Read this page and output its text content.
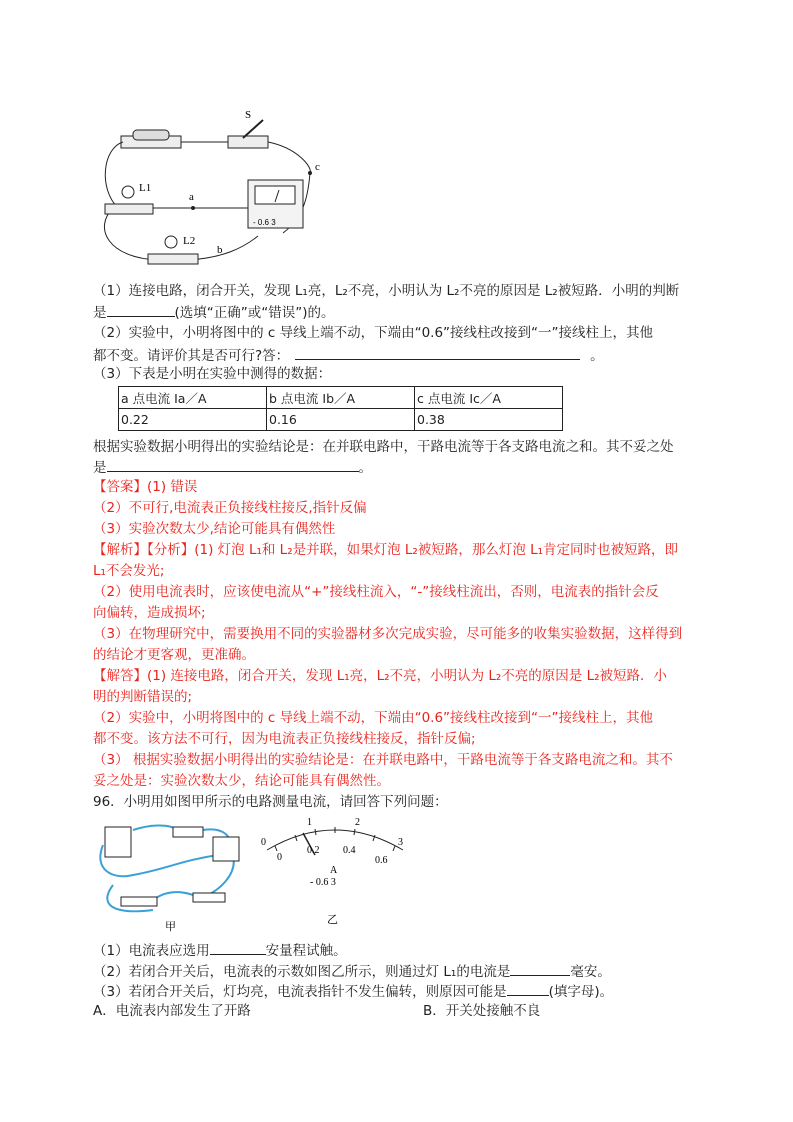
S
c
a
b
L1
L2
- 0.6 3
（1）连接电路，闭合开关，发现 L₁亮，L₂不亮，小明认为 L₂不亮的原因是 L₂被短路．小明的判断
是	(选填“正确”或“错误”)的。
（2）实验中，小明将图中的 c 导线上端不动，下端由“0.6”接线柱改接到“一”接线柱上，其他
都不变。请评价其是否可行?答：	。
（3）下表是小明在实验中测得的数据：
a 点电流 Ia／A	b 点电流 Ib／A	c 点电流 Ic／A
0.22	0.16	0.38
根据实验数据小明得出的实验结论是：在并联电路中，干路电流等于各支路电流之和。其不妥之处
是	。
【答案】(1) 错误
（2）不可行,电流表正负接线柱接反,指针反偏
（3）实验次数太少,结论可能具有偶然性
【解析】【分析】(1) 灯泡 L₁和 L₂是并联，如果灯泡 L₂被短路，那么灯泡 L₁肯定同时也被短路，即
L₁不会发光;
（2）使用电流表时，应该使电流从“+”接线柱流入，“-”接线柱流出，否则，电流表的指针会反
向偏转，造成损坏;
（3）在物理研究中，需要换用不同的实验器材多次完成实验，尽可能多的收集实验数据，这样得到
的结论才更客观，更准确。
【解答】(1) 连接电路，闭合开关，发现 L₁亮，L₂不亮，小明认为 L₂不亮的原因是 L₂被短路．小
明的判断错误的;
（2）实验中，小明将图中的 c 导线上端不动，下端由“0.6”接线柱改接到“一”接线柱上，其他
都不变。该方法不可行，因为电流表正负接线柱接反，指针反偏;
（3） 根据实验数据小明得出的实验结论是：在并联电路中，干路电流等于各支路电流之和。其不
妥之处是：实验次数太少，结论可能具有偶然性。
96．小明用如图甲所示的电路测量电流，请回答下列问题：
甲
0
1	2
3
0
0.2 0.4
0.6
A
- 0.6 3
乙
（1）电流表应选用	安量程试触。
（2）若闭合开关后，电流表的示数如图乙所示，则通过灯 L₁的电流是	毫安。
（3）若闭合开关后，灯均亮，电流表指针不发生偏转，则原因可能是	(填字母)。
A．电流表内部发生了开路	B．开关处接触不良
